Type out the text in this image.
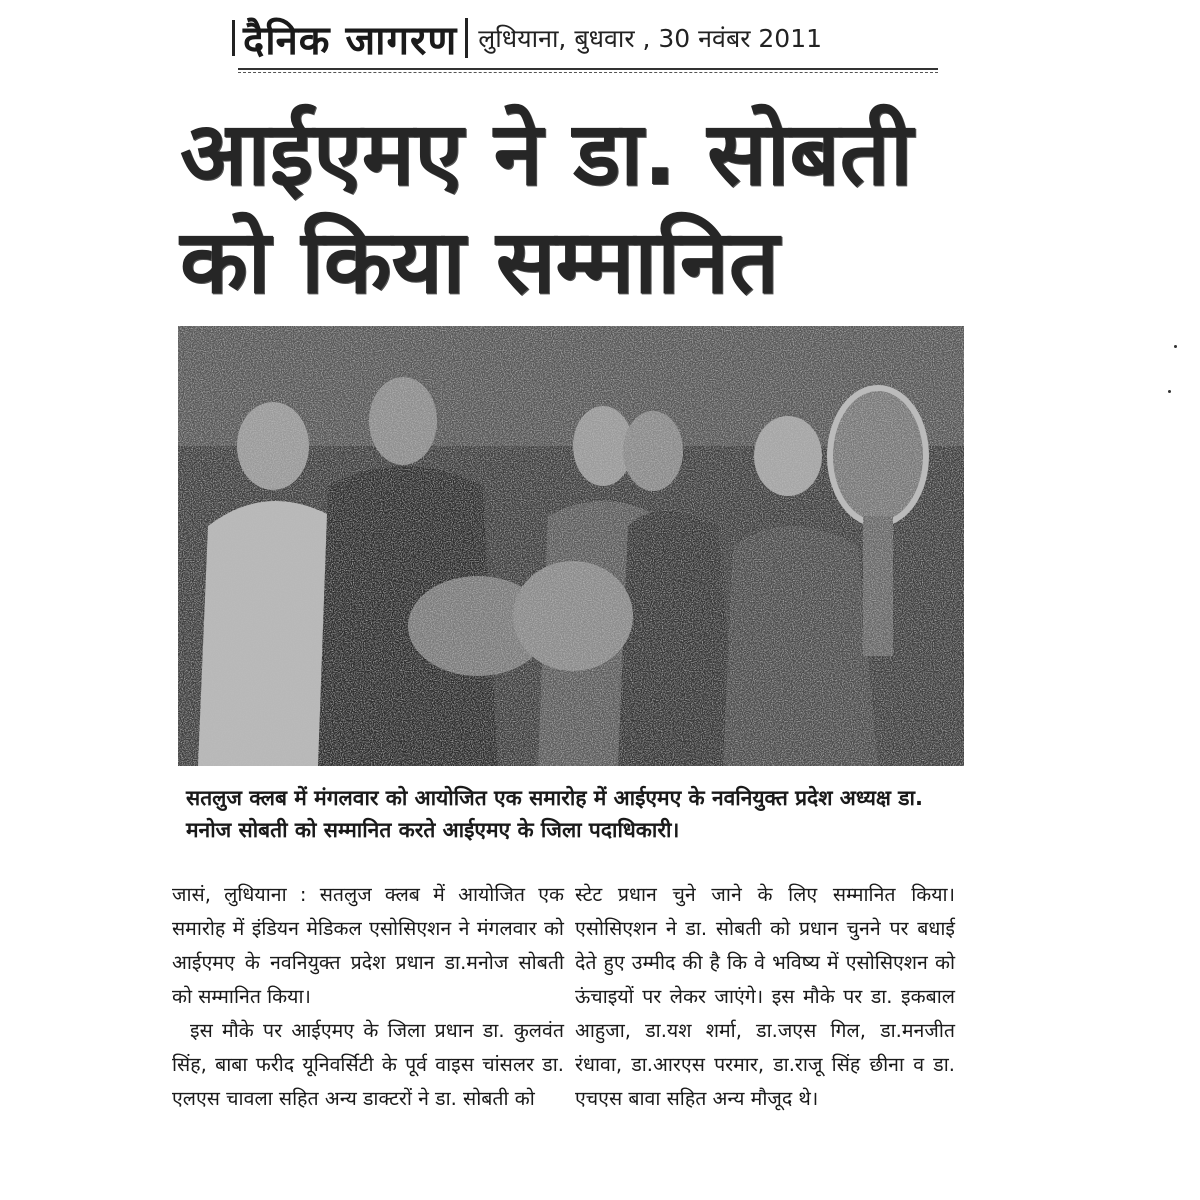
दैनिक जागरण लुधियाना, बुधवार , 30 नवंबर 2011
आईएमए ने डा. सोबती
को किया सम्मानित
सतलुज क्लब में मंगलवार को आयोजित एक समारोह में आईएमए के नवनियुक्त प्रदेश अध्यक्ष डा. मनोज सोबती को सम्मानित करते आईएमए के जिला पदाधिकारी।

जासं, लुधियाना : सतलुज क्लब में आयोजित एक समारोह में इंडियन मेडिकल एसोसिएशन ने मंगलवार को आईएमए के नवनियुक्त प्रदेश प्रधान डा.मनोज सोबती को सम्मानित किया।

इस मौके पर आईएमए के जिला प्रधान डा. कुलवंत सिंह, बाबा फरीद यूनिवर्सिटी के पूर्व वाइस चांसलर डा. एलएस चावला सहित अन्य डाक्टरों ने डा. सोबती को

स्टेट प्रधान चुने जाने के लिए सम्मानित किया। एसोसिएशन ने डा. सोबती को प्रधान चुनने पर बधाई देते हुए उम्मीद की है कि वे भविष्य में एसोसिएशन को ऊंचाइयों पर लेकर जाएंगे। इस मौके पर डा. इकबाल आहुजा, डा.यश शर्मा, डा.जएस गिल, डा.मनजीत रंधावा, डा.आरएस परमार, डा.राजू सिंह छीना व डा. एचएस बावा सहित अन्य मौजूद थे।
